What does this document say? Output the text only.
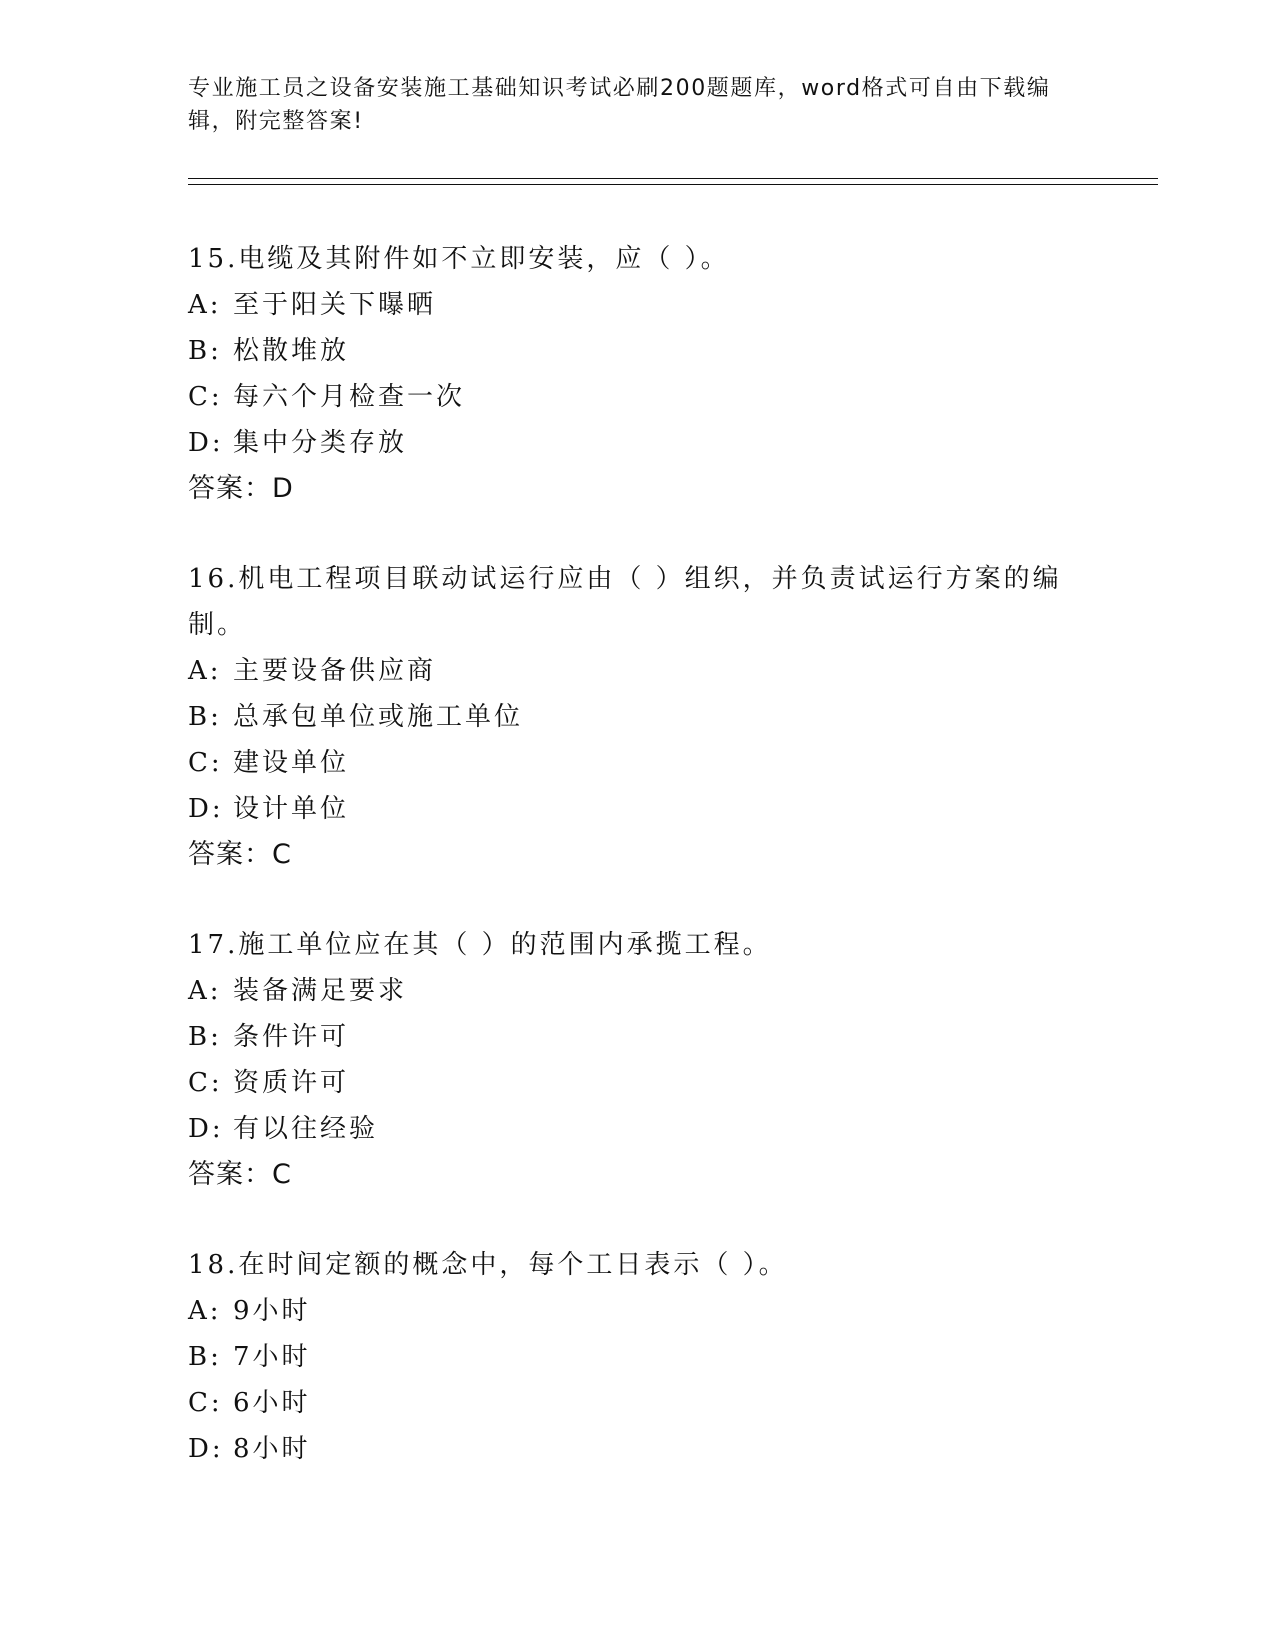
专业施工员之设备安装施工基础知识考试必刷200题题库，word格式可自由下载编辑，附完整答案!

15.电缆及其附件如不立即安装，应（ ）。

A: 至于阳关下曝晒

B: 松散堆放

C: 每六个月检查一次

D: 集中分类存放

答案：D

16.机电工程项目联动试运行应由（ ）组织，并负责试运行方案的编制。

A: 主要设备供应商

B: 总承包单位或施工单位

C: 建设单位

D: 设计单位

答案：C

17.施工单位应在其（ ）的范围内承揽工程。

A: 装备满足要求

B: 条件许可

C: 资质许可

D: 有以往经验

答案：C

18.在时间定额的概念中，每个工日表示（ ）。

A: 9小时

B: 7小时

C: 6小时

D: 8小时
